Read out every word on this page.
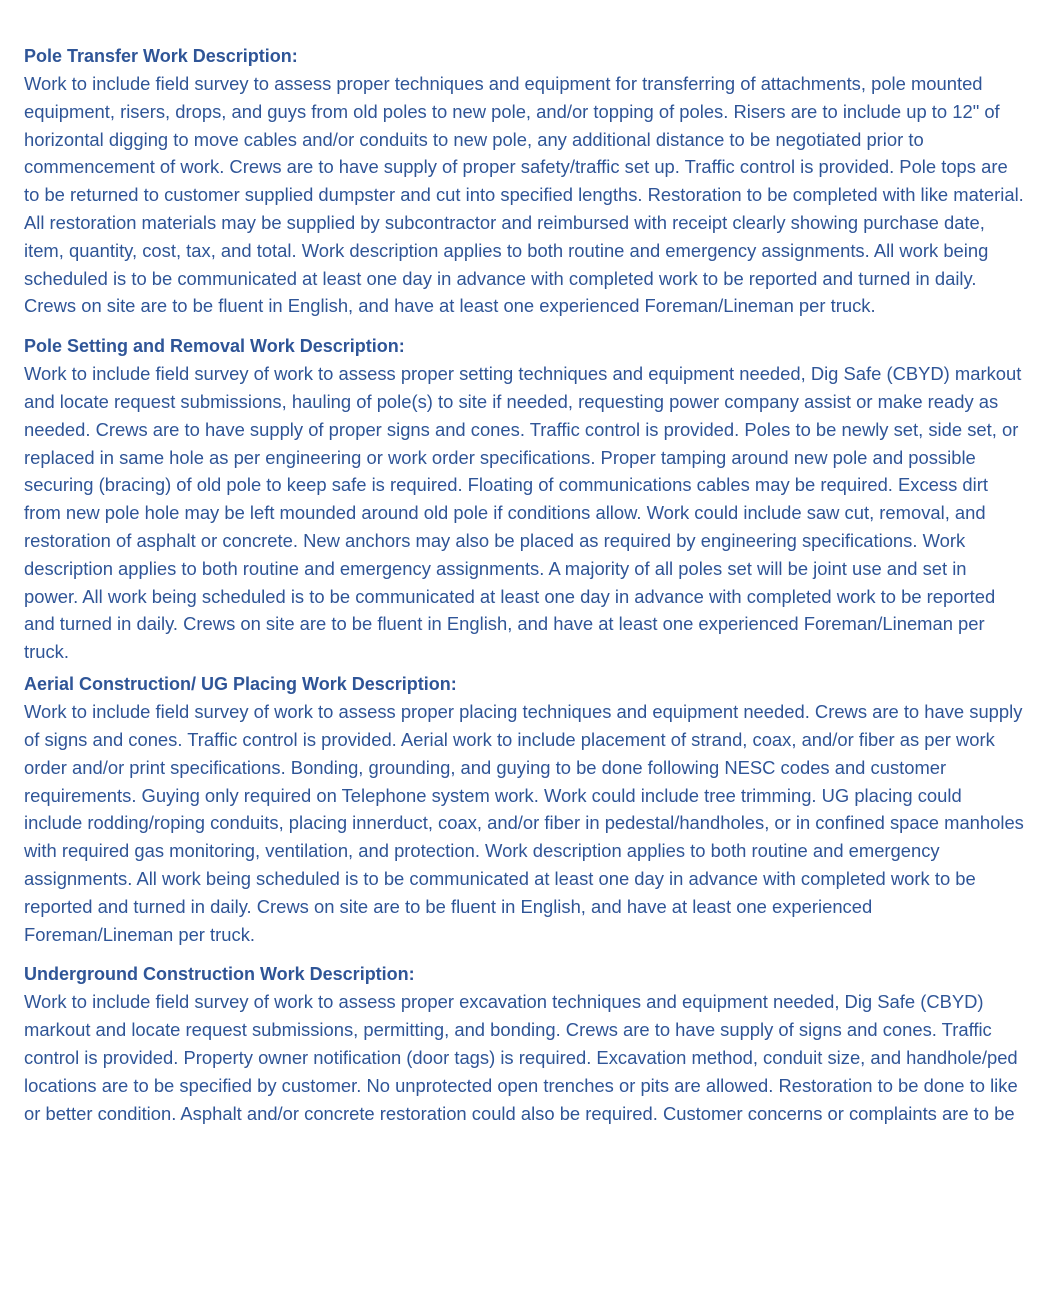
Pole Transfer Work Description:

Work to include field survey to assess proper techniques and equipment for transferring of attachments, pole mounted equipment, risers, drops, and guys from old poles to new pole, and/or topping of poles. Risers are to include up to 12" of horizontal digging to move cables and/or conduits to new pole, any additional distance to be negotiated prior to commencement of work. Crews are to have supply of proper safety/traffic set up. Traffic control is provided. Pole tops are to be returned to customer supplied dumpster and cut into specified lengths. Restoration to be completed with like material. All restoration materials may be supplied by subcontractor and reimbursed with receipt clearly showing purchase date, item, quantity, cost, tax, and total. Work description applies to both routine and emergency assignments. All work being scheduled is to be communicated at least one day in advance with completed work to be reported and turned in daily. Crews on site are to be fluent in English, and have at least one experienced Foreman/Lineman per truck.

Pole Setting and Removal Work Description:

Work to include field survey of work to assess proper setting techniques and equipment needed, Dig Safe (CBYD) markout and locate request submissions, hauling of pole(s) to site if needed, requesting power company assist or make ready as needed. Crews are to have supply of proper signs and cones. Traffic control is provided. Poles to be newly set, side set, or replaced in same hole as per engineering or work order specifications. Proper tamping around new pole and possible securing (bracing) of old pole to keep safe is required. Floating of communications cables may be required. Excess dirt from new pole hole may be left mounded around old pole if conditions allow. Work could include saw cut, removal, and restoration of asphalt or concrete. New anchors may also be placed as required by engineering specifications. Work description applies to both routine and emergency assignments. A majority of all poles set will be joint use and set in power. All work being scheduled is to be communicated at least one day in advance with completed work to be reported and turned in daily. Crews on site are to be fluent in English, and have at least one experienced Foreman/Lineman per truck.

Aerial Construction/ UG Placing Work Description:

Work to include field survey of work to assess proper placing techniques and equipment needed. Crews are to have supply of signs and cones. Traffic control is provided. Aerial work to include placement of strand, coax, and/or fiber as per work order and/or print specifications. Bonding, grounding, and guying to be done following NESC codes and customer requirements. Guying only required on Telephone system work. Work could include tree trimming. UG placing could include rodding/roping conduits, placing innerduct, coax, and/or fiber in pedestal/handholes, or in confined space manholes with required gas monitoring, ventilation, and protection. Work description applies to both routine and emergency assignments. All work being scheduled is to be communicated at least one day in advance with completed work to be reported and turned in daily. Crews on site are to be fluent in English, and have at least one experienced Foreman/Lineman per truck.

Underground Construction Work Description:

Work to include field survey of work to assess proper excavation techniques and equipment needed, Dig Safe (CBYD) markout and locate request submissions, permitting, and bonding. Crews are to have supply of signs and cones. Traffic control is provided. Property owner notification (door tags) is required. Excavation method, conduit size, and handhole/ped locations are to be specified by customer. No unprotected open trenches or pits are allowed. Restoration to be done to like or better condition. Asphalt and/or concrete restoration could also be required. Customer concerns or complaints are to be
